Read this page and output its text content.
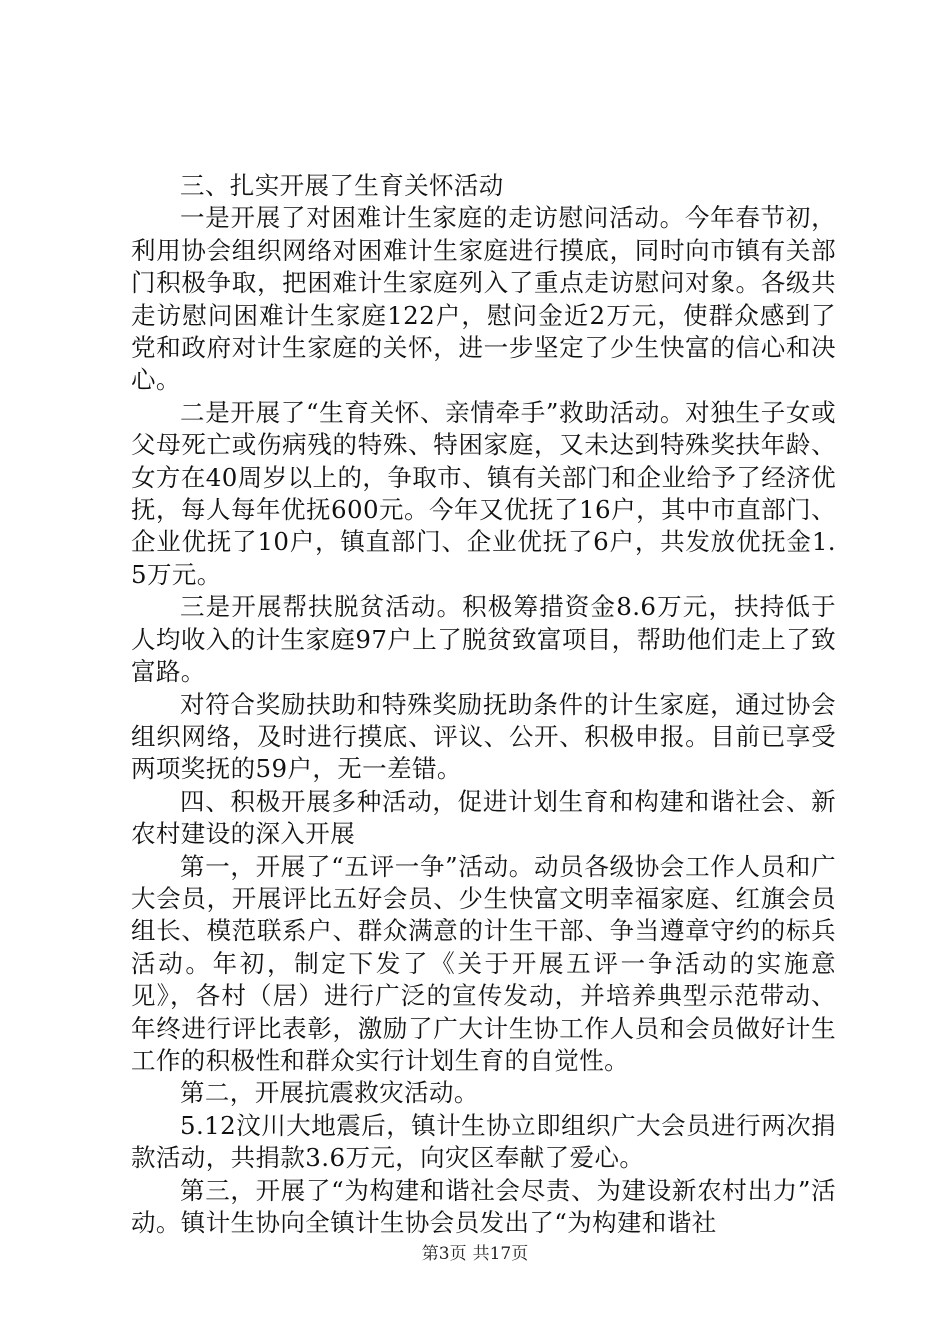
三、扎实开展了生育关怀活动

一是开展了对困难计生家庭的走访慰问活动。今年春节初，利用协会组织网络对困难计生家庭进行摸底，同时向市镇有关部门积极争取，把困难计生家庭列入了重点走访慰问对象。各级共走访慰问困难计生家庭122户，慰问金近2万元，使群众感到了党和政府对计生家庭的关怀，进一步坚定了少生快富的信心和决心。

二是开展了“生育关怀、亲情牵手”救助活动。对独生子女或父母死亡或伤病残的特殊、特困家庭，又未达到特殊奖扶年龄、女方在40周岁以上的，争取市、镇有关部门和企业给予了经济优抚，每人每年优抚600元。今年又优抚了16户，其中市直部门、企业优抚了10户，镇直部门、企业优抚了6户，共发放优抚金1.5万元。

三是开展帮扶脱贫活动。积极筹措资金8.6万元，扶持低于人均收入的计生家庭97户上了脱贫致富项目，帮助他们走上了致富路。

对符合奖励扶助和特殊奖励抚助条件的计生家庭，通过协会组织网络，及时进行摸底、评议、公开、积极申报。目前已享受两项奖抚的59户，无一差错。

四、积极开展多种活动，促进计划生育和构建和谐社会、新农村建设的深入开展

第一，开展了“五评一争”活动。动员各级协会工作人员和广大会员，开展评比五好会员、少生快富文明幸福家庭、红旗会员组长、模范联系户、群众满意的计生干部、争当遵章守约的标兵活动。年初，制定下发了《关于开展五评一争活动的实施意见》，各村（居）进行广泛的宣传发动，并培养典型示范带动、年终进行评比表彰，激励了广大计生协工作人员和会员做好计生工作的积极性和群众实行计划生育的自觉性。

第二，开展抗震救灾活动。

5.12汶川大地震后，镇计生协立即组织广大会员进行两次捐款活动，共捐款3.6万元，向灾区奉献了爱心。

第三，开展了“为构建和谐社会尽责、为建设新农村出力”活动。镇计生协向全镇计生协会员发出了“为构建和谐社

第3页 共17页
